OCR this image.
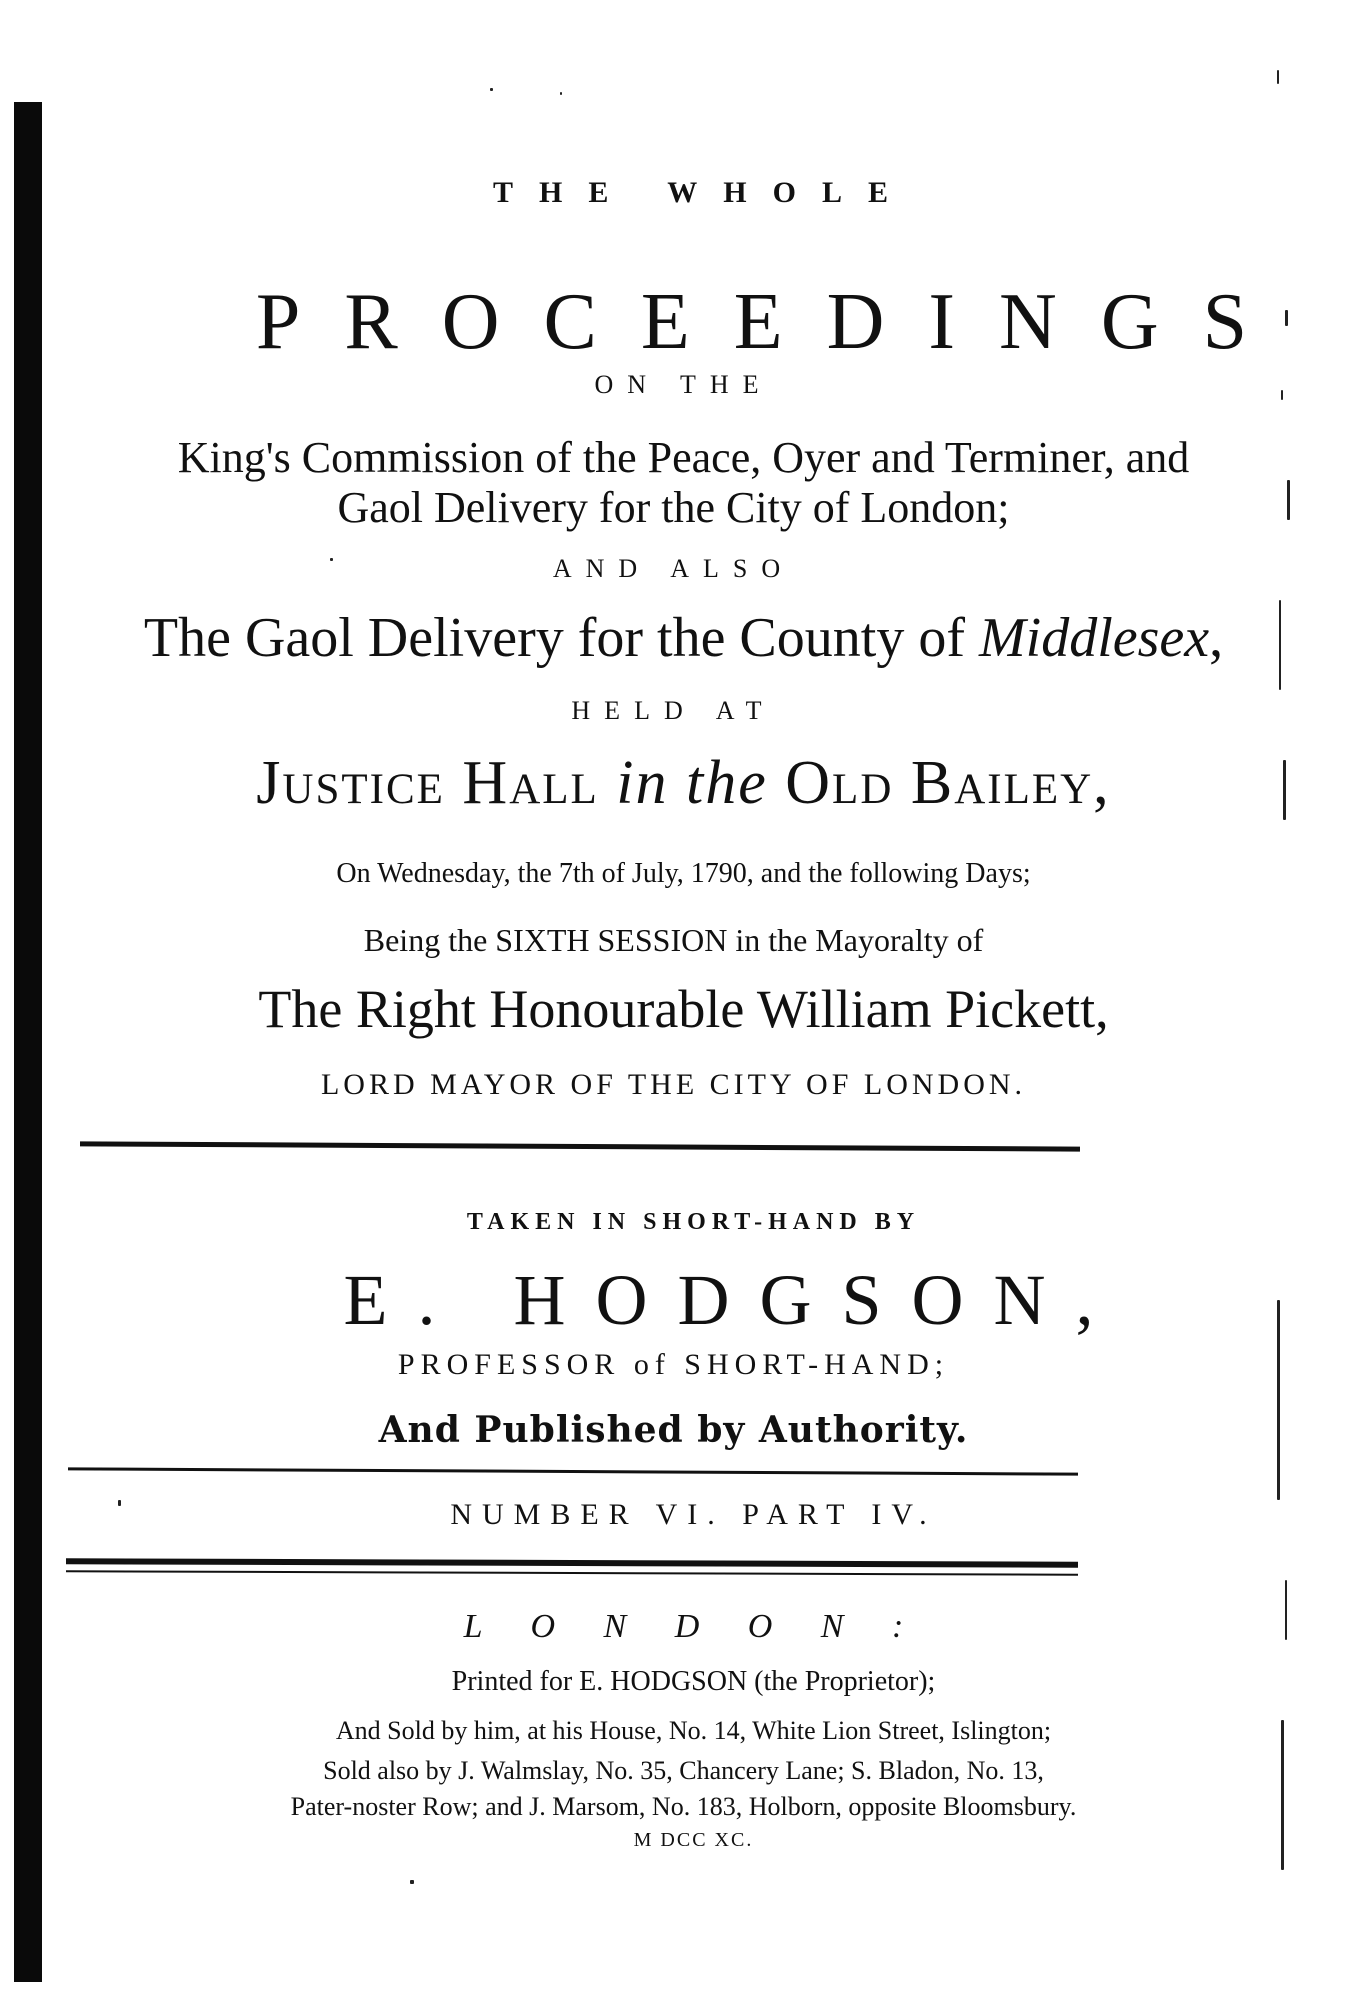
THE WHOLE
PROCEEDINGS
ON THE
King's Commission of the Peace, Oyer and Terminer, and
Gaol Delivery for the City of London;
AND ALSO
The Gaol Delivery for the County of Middlesex,
HELD AT
Justice Hall in the Old Bailey,
On Wednesday, the 7th of July, 1790, and the following Days;
Being the SIXTH SESSION in the Mayoralty of
The Right Honourable William Pickett,
LORD MAYOR OF THE CITY OF LONDON.
TAKEN IN SHORT-HAND BY
E. HODGSON,
PROFESSOR of SHORT-HAND;
And Published by Authority.
NUMBER VI. PART IV.
L O N D O N :
Printed for E. HODGSON (the Proprietor);
And Sold by him, at his House, No. 14, White Lion Street, Islington;
Sold also by J. Walmslay, No. 35, Chancery Lane; S. Bladon, No. 13,
Pater-noster Row; and J. Marsom, No. 183, Holborn, opposite Bloomsbury.
M DCC XC.
